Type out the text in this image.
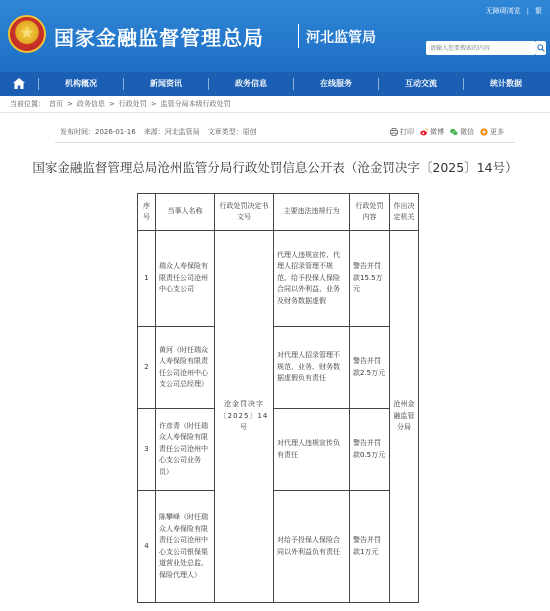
★
国家金融监督管理总局	河北监管局
无障碍浏览 | 繁
请输入您要搜索的内容
机构概况	新闻资讯	政务信息	在线服务	互动交流	统计数据
当前位置： 首页 > 政务信息 > 行政处罚 > 监管分局本级行政处罚
发布时间：2026-01-16 来源：河北监管局 文章类型：原创	打印	微博	微信	更多
国家金融监督管理总局沧州监管分局行政处罚信息公开表（沧金罚决字〔2025〕14号）
序号	当事人名称	行政处罚决定书文号	主要违法违规行为	行政处罚内容	作出决定机关
1	瑞众人寿保险有限责任公司沧州中心支公司	沧金罚决字〔2025〕14号	代理人违规宣传、代理人招录管理不规范、给予投保人保险合同以外利益、业务及财务数据虚假	警告并罚款15.5万元	沧州金融监管分局
2	黄河（时任瑞众人寿保险有限责任公司沧州中心支公司总经理）		对代理人招录管理不规范、业务、财务数据虚假负有责任	警告并罚款2.5万元	
3	许彦青（时任瑞众人寿保险有限责任公司沧州中心支公司业务员）		对代理人违规宣传负有责任	警告并罚款0.5万元	
4	陈攀峰（时任瑞众人寿保险有限责任公司沧州中心支公司银保渠道营业处总监、保险代理人）		对给予投保人保险合同以外利益负有责任	警告并罚款1万元	
